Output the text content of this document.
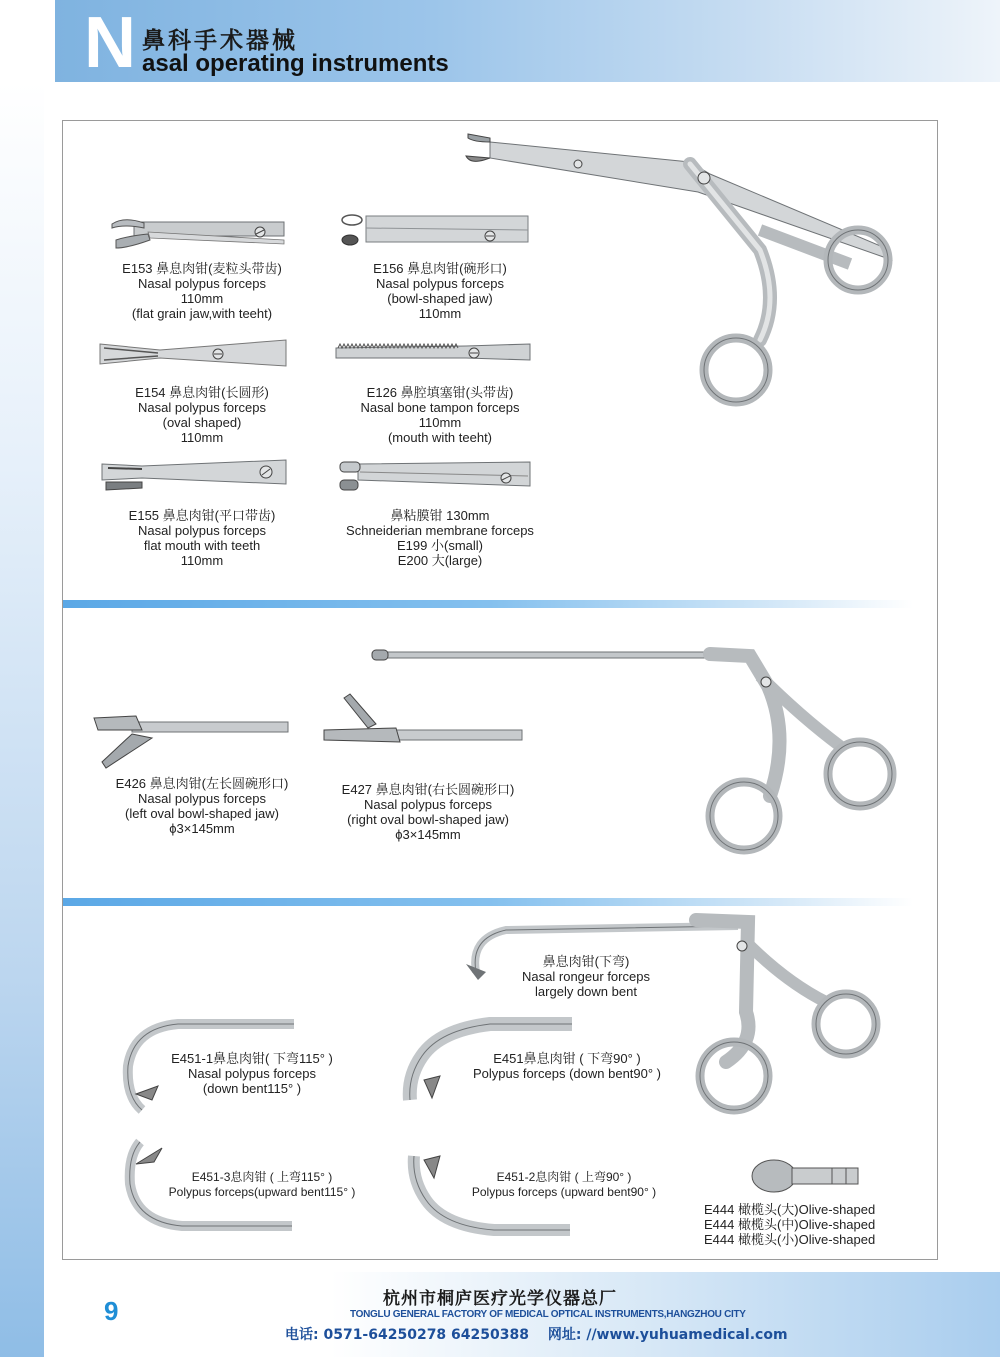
N 鼻科手术器械
asal operating instruments
E153 鼻息肉钳(麦粒头带齿)
Nasal polypus forceps
110mm
(flat grain jaw,with teeht)
E156 鼻息肉钳(碗形口)
Nasal polypus forceps
(bowl-shaped jaw)
110mm
E154 鼻息肉钳(长圆形)
Nasal polypus forceps
(oval shaped)
110mm
E126 鼻腔填塞钳(头带齿)
Nasal bone tampon forceps
110mm
(mouth with teeht)
E155 鼻息肉钳(平口带齿)
Nasal polypus forceps
flat mouth with teeth
110mm
鼻粘膜钳 130mm
Schneiderian membrane forceps
E199 小(small)
E200 大(large)
E426 鼻息肉钳(左长圆碗形口)
Nasal polypus forceps
(left oval bowl-shaped jaw)
ϕ3×145mm
E427 鼻息肉钳(右长圆碗形口)
Nasal polypus forceps
(right oval bowl-shaped jaw)
ϕ3×145mm
鼻息肉钳(下弯)
Nasal rongeur forceps
largely down bent
E451-1鼻息肉钳( 下弯115° )
Nasal polypus forceps
(down bent115° )
E451鼻息肉钳 ( 下弯90° )
Polypus forceps (down bent90° )
E451-3息肉钳 ( 上弯115° )
Polypus forceps(upward bent115° )
E451-2息肉钳 ( 上弯90° )
Polypus forceps (upward bent90° )
E444 橄榄头(大)Olive-shaped
E444 橄榄头(中)Olive-shaped
E444 橄榄头(小)Olive-shaped
9	杭州市桐庐医疗光学仪器总厂
TONGLU GENERAL FACTORY OF MEDICAL OPTICAL INSTRUMENTS,HANGZHOU CITY
电话: 0571-64250278 64250388 网址: //www.yuhuamedical.com
